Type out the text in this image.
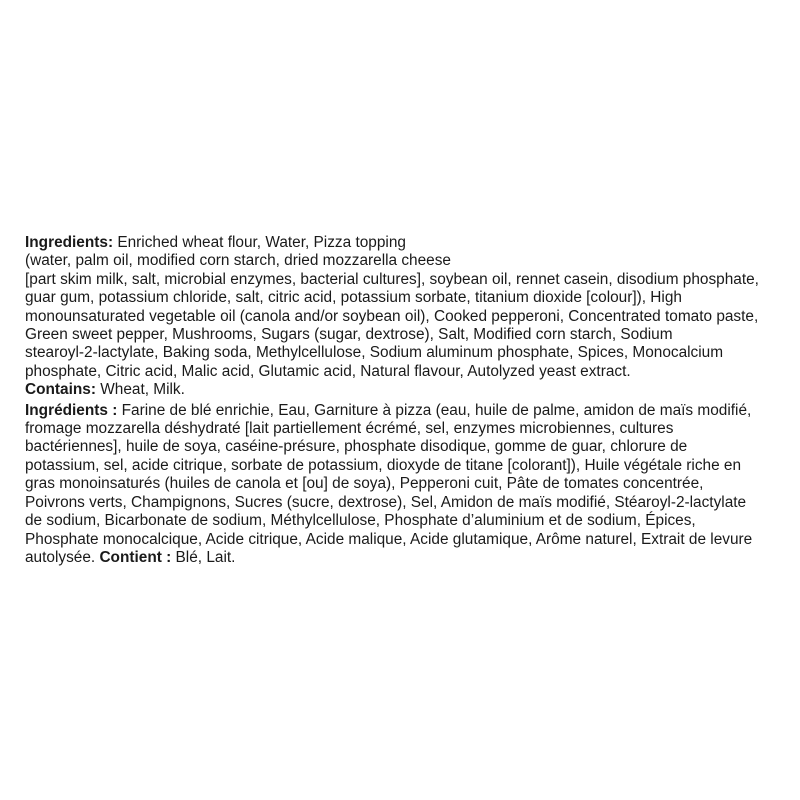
Ingredients: Enriched wheat flour, Water, Pizza topping
(water, palm oil, modified corn starch, dried mozzarella cheese
[part skim milk, salt, microbial enzymes, bacterial cultures], soybean oil, rennet casein, disodium phosphate,
guar gum, potassium chloride, salt, citric acid, potassium sorbate, titanium dioxide [colour]), High
monounsaturated vegetable oil (canola and/or soybean oil), Cooked pepperoni, Concentrated tomato paste,
Green sweet pepper, Mushrooms, Sugars (sugar, dextrose), Salt, Modified corn starch, Sodium
stearoyl-2-lactylate, Baking soda, Methylcellulose, Sodium aluminum phosphate, Spices, Monocalcium
phosphate, Citric acid, Malic acid, Glutamic acid, Natural flavour, Autolyzed yeast extract.
Contains: Wheat, Milk.
Ingrédients : Farine de blé enrichie, Eau, Garniture à pizza (eau, huile de palme, amidon de maïs modifié,
fromage mozzarella déshydraté [lait partiellement écrémé, sel, enzymes microbiennes, cultures
bactériennes], huile de soya, caséine-présure, phosphate disodique, gomme de guar, chlorure de
potassium, sel, acide citrique, sorbate de potassium, dioxyde de titane [colorant]), Huile végétale riche en
gras monoinsaturés (huiles de canola et [ou] de soya), Pepperoni cuit, Pâte de tomates concentrée,
Poivrons verts, Champignons, Sucres (sucre, dextrose), Sel, Amidon de maïs modifié, Stéaroyl-2-lactylate
de sodium, Bicarbonate de sodium, Méthylcellulose, Phosphate d’aluminium et de sodium, Épices,
Phosphate monocalcique, Acide citrique, Acide malique, Acide glutamique, Arôme naturel, Extrait de levure
autolysée. Contient : Blé, Lait.
